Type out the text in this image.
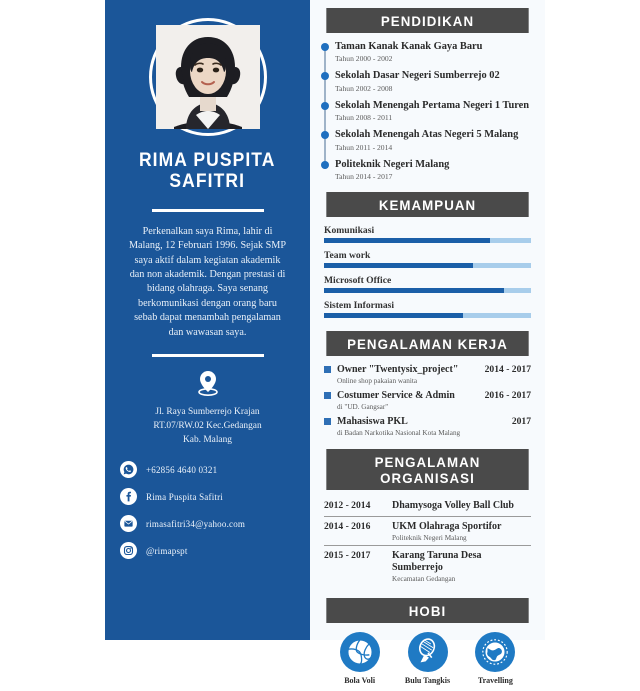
RIMA PUSPITA
SAFITRI
Perkenalkan saya Rima, lahir di Malang, 12 Februari 1996. Sejak SMP saya aktif dalam kegiatan akademik dan non akademik. Dengan prestasi di bidang olahraga. Saya senang berkomunikasi dengan orang baru sebab dapat menambah pengalaman dan wawasan saya.
Jl. Raya Sumberrejo Krajan
RT.07/RW.02 Kec.Gedangan
Kab. Malang
+62856 4640 0321
Rima Puspita Safitri
rimasafitri34@yahoo.com
@rimapspt
PENDIDIKAN
Taman Kanak Kanak Gaya Baru
Tahun 2000 - 2002
Sekolah Dasar Negeri Sumberrejo 02
Tahun 2002 - 2008
Sekolah Menengah Pertama Negeri 1 Turen
Tahun 2008 - 2011
Sekolah Menengah Atas Negeri 5 Malang
Tahun 2011 - 2014
Politeknik Negeri Malang
Tahun 2014 - 2017
KEMAMPUAN
Komunikasi
Team work
Microsoft Office
Sistem Informasi
PENGALAMAN KERJA
Owner "Twentysix_project"
Online shop pakaian wanita
2014 - 2017
Costumer Service & Admin
di "UD. Gangsar"
2016 - 2017
Mahasiswa PKL
di Badan Narkotika Nasional Kota Malang
2017
PENGALAMAN ORGANISASI
2012 - 2014	Dhamysoga Volley Ball Club
2014 - 2016	UKM Olahraga Sportifor
Politeknik Negeri Malang
2015 - 2017	Karang Taruna Desa Sumberrejo
Kecamatan Gedangan
HOBI
Bola Voli	Bulu Tangkis	Travelling
